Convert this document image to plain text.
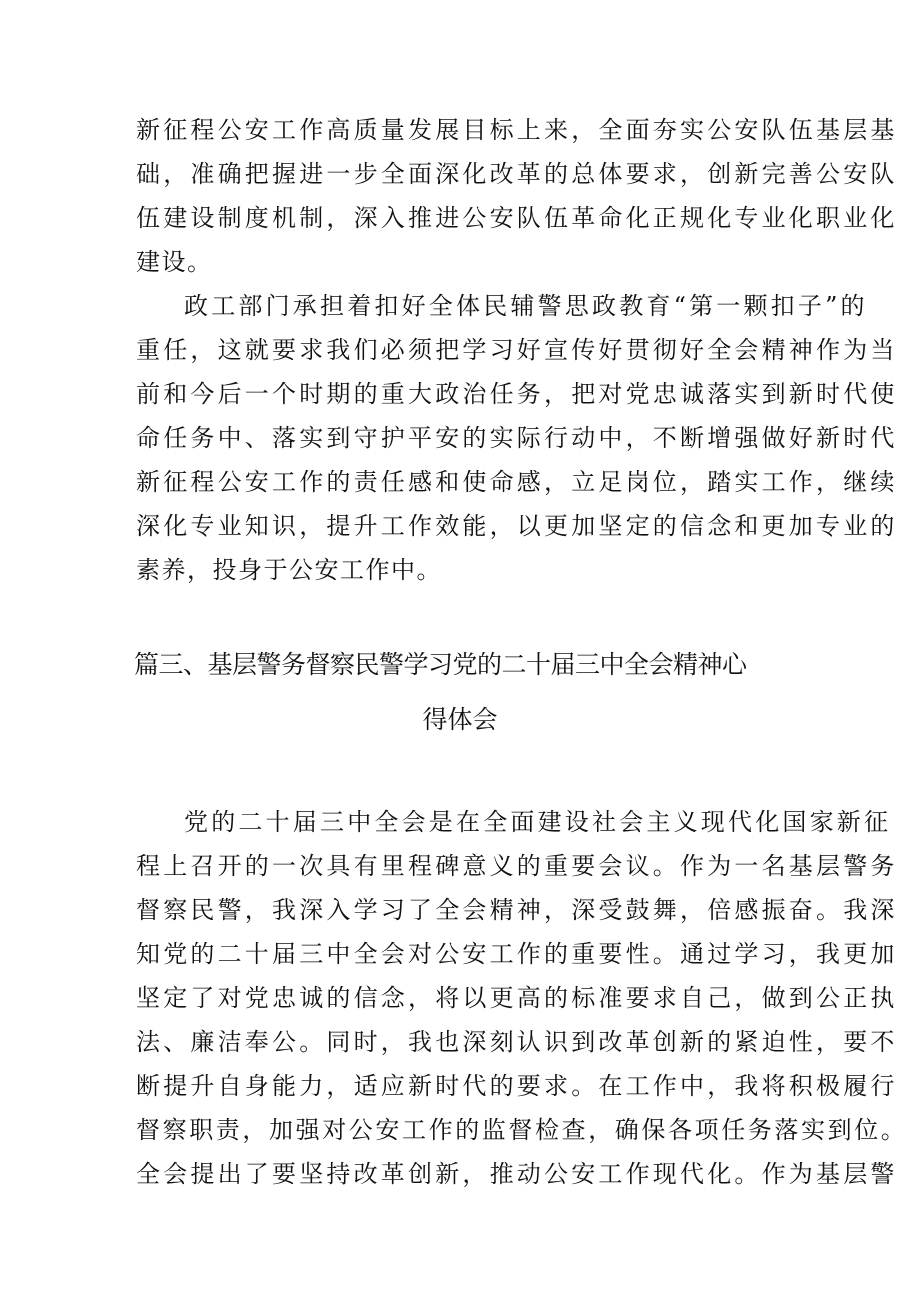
新征程公安工作高质量发展目标上来，全面夯实公安队伍基层基
础，准确把握进一步全面深化改革的总体要求，创新完善公安队
伍建设制度机制，深入推进公安队伍革命化正规化专业化职业化
建设。
政工部门承担着扣好全体民辅警思政教育“第一颗扣子”的
重任，这就要求我们必须把学习好宣传好贯彻好全会精神作为当
前和今后一个时期的重大政治任务，把对党忠诚落实到新时代使
命任务中、落实到守护平安的实际行动中，不断增强做好新时代
新征程公安工作的责任感和使命感，立足岗位，踏实工作，继续
深化专业知识，提升工作效能，以更加坚定的信念和更加专业的
素养，投身于公安工作中。
篇三、基层警务督察民警学习党的二十届三中全会精神心
得体会
党的二十届三中全会是在全面建设社会主义现代化国家新征
程上召开的一次具有里程碑意义的重要会议。作为一名基层警务
督察民警，我深入学习了全会精神，深受鼓舞，倍感振奋。我深
知党的二十届三中全会对公安工作的重要性。通过学习，我更加
坚定了对党忠诚的信念，将以更高的标准要求自己，做到公正执
法、廉洁奉公。同时，我也深刻认识到改革创新的紧迫性，要不
断提升自身能力，适应新时代的要求。在工作中，我将积极履行
督察职责，加强对公安工作的监督检查，确保各项任务落实到位。
全会提出了要坚持改革创新，推动公安工作现代化。作为基层警
